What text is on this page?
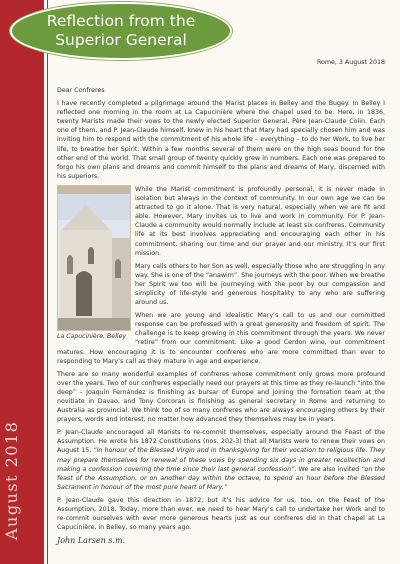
August 2018
Reflection from the
Superior General
Rome, 3 August 2018

Dear Confreres

I have recently completed a pilgrimage around the Marist places in Belley and the Bugey. In Belley I reflected one morning in the room at La Capucinière where the chapel used to be. Here, in 1836, twenty Marists made their vows to the newly elected Superior General, Père Jean-Claude Colin. Each one of them, and P. Jean-Claude himself, knew in his heart that Mary had specially chosen him and was inviting him to respond with the commitment of his whole life – everything – to do her Work, to live her life, to breathe her Spirit. Within a few months several of them were on the high seas bound for the other end of the world. That small group of twenty quickly grew in numbers. Each one was prepared to forgo his own plans and dreams and commit himself to the plans and dreams of Mary, discerned with his superiors.

La Capucinière, Belley

While the Marist commitment is profoundly personal, it is never made in isolation but always in the context of community. In our own age we can be attracted to go it alone. That is very natural, especially when we are fit and able. However, Mary invites us to live and work in community. For P. Jean-Claude a community would normally include at least six confreres. Community life at its best involves appreciating and encouraging each other in his commitment, sharing our time and our prayer and our ministry. It’s our first mission.

Mary calls others to her Son as well, especially those who are struggling in any way. She is one of the “anawim”. She journeys with the poor. When we breathe her Spirit we too will be journeying with the poor by our compassion and simplicity of life-style and generous hospitality to any who are suffering around us.

When we are young and idealistic Mary’s call to us and our committed response can be professed with a great generosity and freedom of spirit. The challenge is to keep growing in this commitment through the years. We never “retire” from our commitment. Like a good Cerdon wine, our commitment matures. How encouraging it is to encounter confreres who are more committed than ever to responding to Mary’s call as they mature in age and experience.

There are so many wonderful examples of confreres whose commitment only grows more profound over the years. Two of our confreres especially need our prayers at this time as they re-launch “into the deep” – Joaquín Fernández is finishing as bursar of Europe and joining the formation team at the novitiate in Davao, and Tony Corcoran is finishing as general secretary in Rome and returning to Australia as provincial. We think too of so many confreres who are always encouraging others by their prayers, words and interest, no matter how advanced they themselves may be in years.

P. Jean-Claude encouraged all Marists to re-commit themselves, especially around the Feast of the Assumption. He wrote his 1872 Constitutions (nos. 202-3) that all Marists were to renew their vows on August 15, “in honour of the Blessed Virgin and in thanksgiving for their vocation to religious life. They may prepare themselves for renewal of these vows by spending six days in greater recollection and making a confession covering the time since their last general confession”. We are also invited “on the feast of the Assumption, or on another day within the octave, to spend an hour before the Blessed Sacrament in honour of the most pure heart of Mary.”

P. Jean-Claude gave this direction in 1872, but it’s his advice for us, too, on the Feast of the Assumption, 2018. Today, more than ever, we need to hear Mary’s call to undertake her Work and to re-commit ourselves with ever more generous hearts just as our confreres did in that chapel at La Capucinière, in Belley, so many years ago.

John Larsen s.m.
